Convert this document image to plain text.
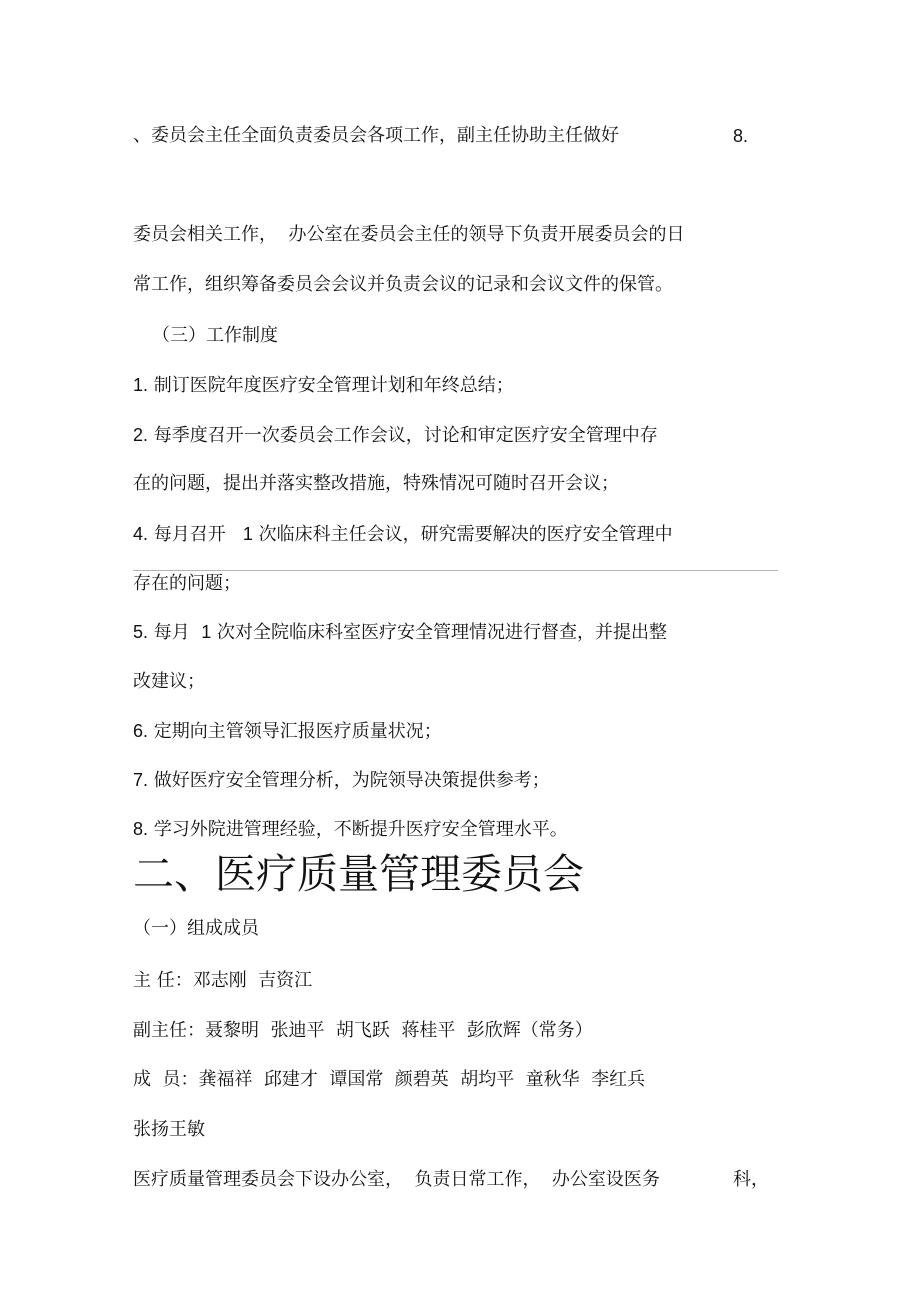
、委员会主任全面负责委员会各项工作，副主任协助主任做好	8.

委员会相关工作，  办公室在委员会主任的领导下负责开展委员会的日

常工作，组织筹备委员会会议并负责会议的记录和会议文件的保管。

（三）工作制度

1. 制订医院年度医疗安全管理计划和年终总结；

2. 每季度召开一次委员会工作会议，讨论和审定医疗安全管理中存

在的问题，提出并落实整改措施，特殊情况可随时召开会议；

4. 每月召开 1 次临床科主任会议，研究需要解决的医疗安全管理中

存在的问题；

5. 每月 1 次对全院临床科室医疗安全管理情况进行督查，并提出整

改建议；

6. 定期向主管领导汇报医疗质量状况；

7. 做好医疗安全管理分析，为院领导决策提供参考；

8. 学习外院进管理经验，不断提升医疗安全管理水平。

二、医疗质量管理委员会

（一）组成成员

主 任：邓志刚  吉资江

副主任：聂黎明  张迪平  胡飞跃  蒋桂平  彭欣辉（常务）

成  员：龚福祥  邱建才  谭国常  颜碧英  胡均平  童秋华  李红兵

张扬王敏

医疗质量管理委员会下设办公室，  负责日常工作，  办公室设医务	科，
